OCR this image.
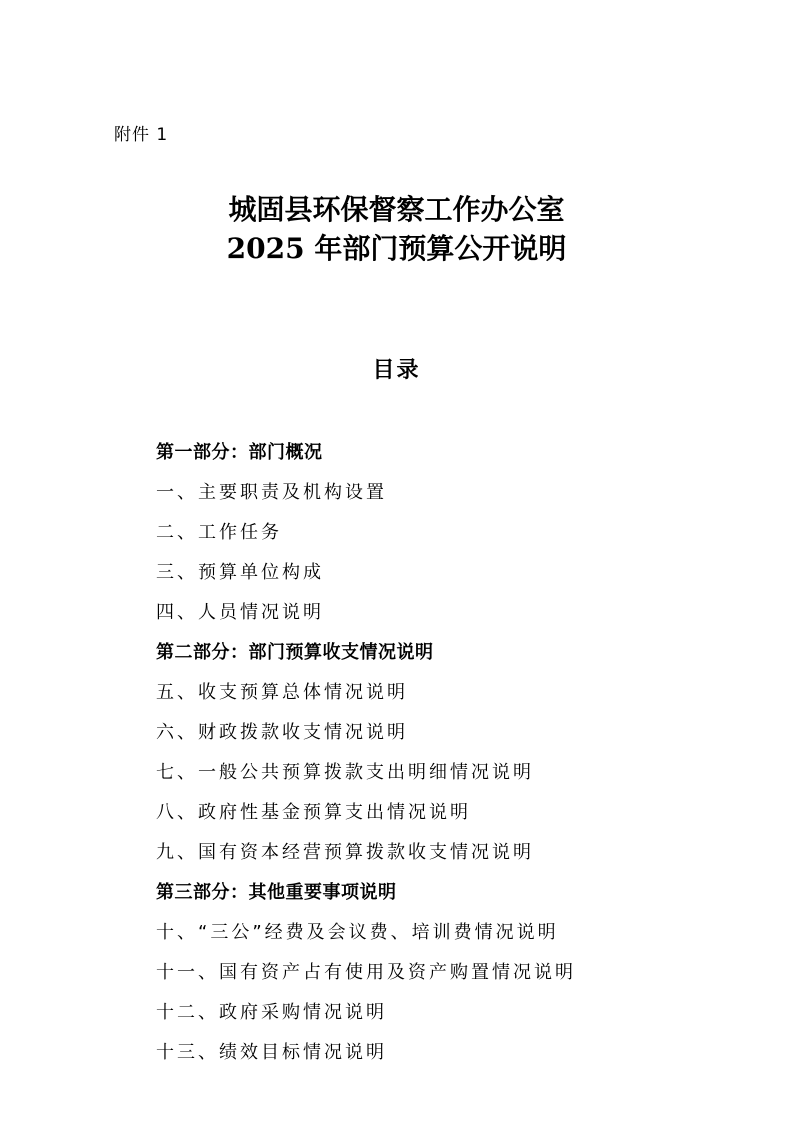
附件 1
城固县环保督察工作办公室
2025 年部门预算公开说明
目录
第一部分：部门概况
一、主要职责及机构设置
二、工作任务
三、预算单位构成
四、人员情况说明
第二部分：部门预算收支情况说明
五、收支预算总体情况说明
六、财政拨款收支情况说明
七、一般公共预算拨款支出明细情况说明
八、政府性基金预算支出情况说明
九、国有资本经营预算拨款收支情况说明
第三部分：其他重要事项说明
十、“三公”经费及会议费、培训费情况说明
十一、国有资产占有使用及资产购置情况说明
十二、政府采购情况说明
十三、绩效目标情况说明
